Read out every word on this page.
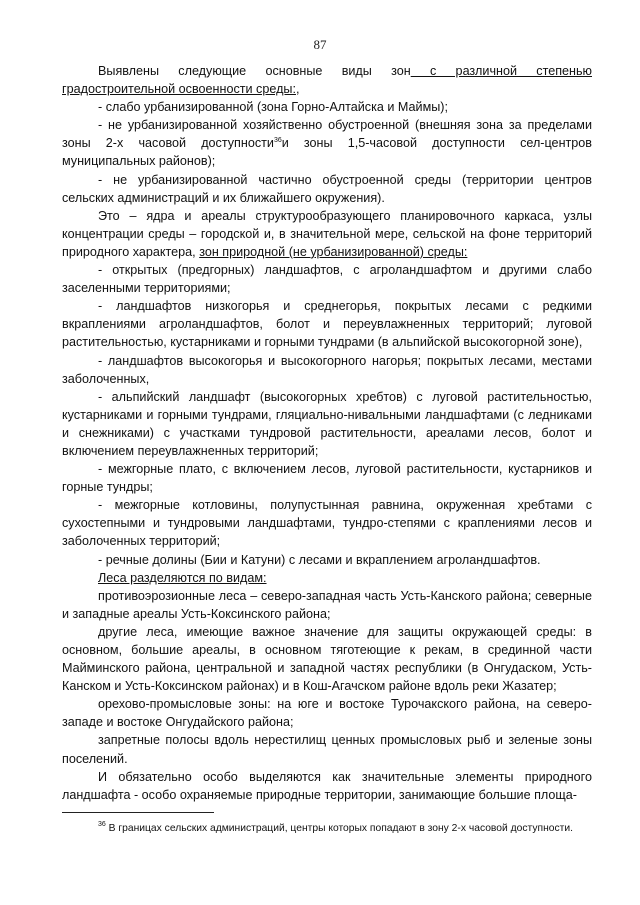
87

Выявлены следующие основные виды зон с различной степенью градостроительной освоенности среды:,

- слабо урбанизированной (зона Горно-Алтайска и Маймы);

- не урбанизированной хозяйственно обустроенной (внешняя зона за пределами зоны 2-х часовой доступности$^{36}$и зоны 1,5-часовой доступности сел-центров муниципальных районов);

- не урбанизированной частично обустроенной среды (территории центров сельских администраций и их ближайшего окружения).

Это – ядра и ареалы структурообразующего планировочного каркаса, узлы концентрации среды – городской и, в значительной мере, сельской на фоне территорий природного характера, зон природной (не урбанизированной) среды:

- открытых (предгорных) ландшафтов, с агроландшафтом и другими слабо заселенными территориями;

- ландшафтов низкогорья и среднегорья, покрытых лесами с редкими вкраплениями агроландшафтов, болот и переувлажненных территорий; луговой растительностью, кустарниками и горными тундрами (в альпийской высокогорной зоне),

- ландшафтов высокогорья и высокогорного нагорья; покрытых лесами, местами заболоченных,

- альпийский ландшафт (высокогорных хребтов) с луговой растительностью, кустарниками и горными тундрами, гляциально-нивальными ландшафтами (с ледниками и снежниками) с участками тундровой растительности, ареалами лесов, болот и включением переувлажненных территорий;

- межгорные плато, с включением лесов, луговой растительности, кустарников и горные тундры;

- межгорные котловины, полупустынная равнина, окруженная хребтами с сухостепными и тундровыми ландшафтами, тундро-степями с краплениями лесов и заболоченных территорий;

- речные долины (Бии и Катуни) с лесами и вкраплением агроландшафтов.

Леса разделяются по видам:

противоэрозионные леса – северо-западная часть Усть-Канского района; северные и западные ареалы Усть-Коксинского района;

другие леса, имеющие важное значение для защиты окружающей среды: в основном, большие ареалы, в основном тяготеющие к рекам, в срединной части Майминского района, центральной и западной частях республики (в Онгудаском, Усть-Канском и Усть-Коксинском районах) и в Кош-Агачском районе вдоль реки Жазатер;

орехово-промысловые зоны: на юге и востоке Турочакского района, на северо-западе и востоке Онгудайского района;

запретные полосы вдоль нерестилищ ценных промысловых рыб и зеленые зоны поселений.

И обязательно особо выделяются как значительные элементы природного ландшафта - особо охраняемые природные территории, занимающие большие площа-

$^{36}$ В границах сельских администраций, центры которых попадают в зону 2-х часовой доступности.
